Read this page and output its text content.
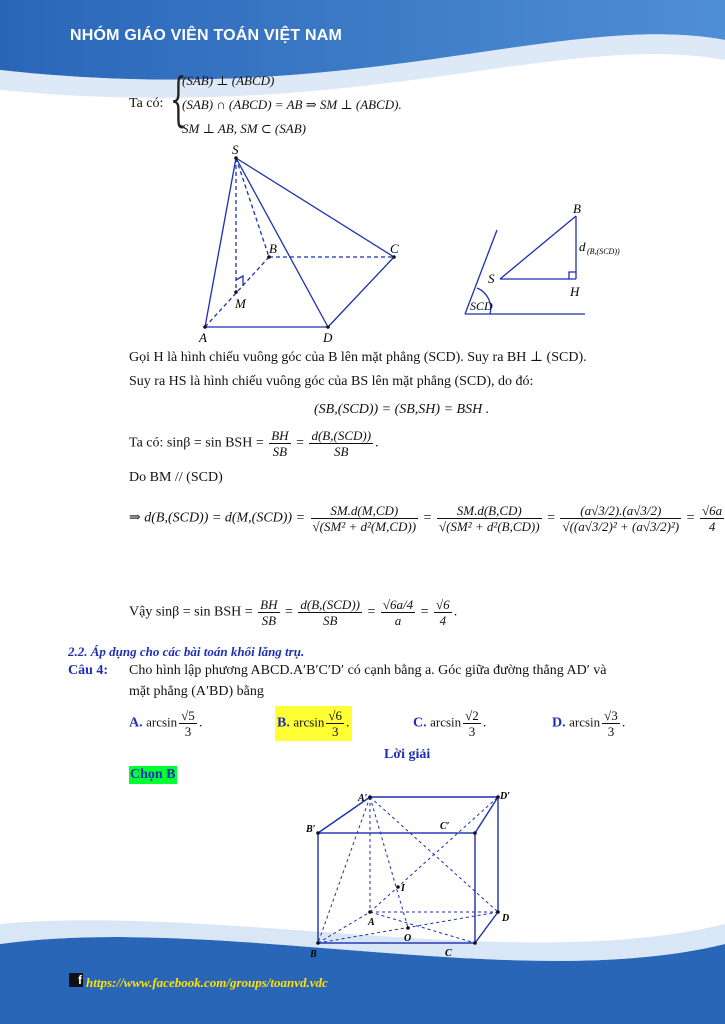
NHÓM GIÁO VIÊN TOÁN VIỆT NAM
Ta có: {
(SAB) ⊥ (ABCD)
(SAB) ∩ (ABCD) = AB ⇒ SM ⊥ (ABCD).
SM ⊥ AB, SM ⊂ (SAB)
S
B	C
A	D
M
B
S
H
SCD
d (B,(SCD))
Gọi H là hình chiếu vuông góc của B lên mặt phẳng (SCD). Suy ra BH ⊥ (SCD).
Suy ra HS là hình chiếu vuông góc của BS lên mặt phẳng (SCD), do đó:
(SB,(SCD)) = (SB,SH) = BSH .
Ta có: sinβ = sin BSH = $\frac{BH}{SB} = \frac{\text{d(B,(SCD))}}{SB}$ .
Do BM // (SCD)
⇒ $d(B,(SCD)) = d(M,(SCD)) = \frac{SM.d(M,CD)}{\text{√(SM² + d²(M,CD))}} = \frac{SM.d(B,CD)}{\text{√(SM² + d²(B,CD))}} = \frac{(a√3/2).(a√3/2)}{\text{√((a√3/2)² + (a√3/2)²)}} = \frac{√6a}{4}$
Vậy sinβ = sin BSH = $\frac{BH}{SB} = \frac{\text{d(B,(SCD))}}{SB} = \frac{√6a/4}{a} = \frac{√6}{4}$ .
2.2. Áp dụng cho các bài toán khối lăng trụ.
Câu 4: Cho hình lập phương ABCD.A′B′C′D′ có cạnh bằng a. Góc giữa đường thẳng AD′ và
mặt phẳng (A′BD) bằng
A. $\arcsin \frac{√5}{3}$ .	B. $\arcsin \frac{√6}{3}$ .	C. $\arcsin \frac{√2}{3}$ .	D. $\arcsin \frac{√3}{3}$ .
Lời giải
Chọn B
A′	D′
B′	C′
I
A	D
O
B	C
f https://www.facebook.com/groups/toanvd.vdc
